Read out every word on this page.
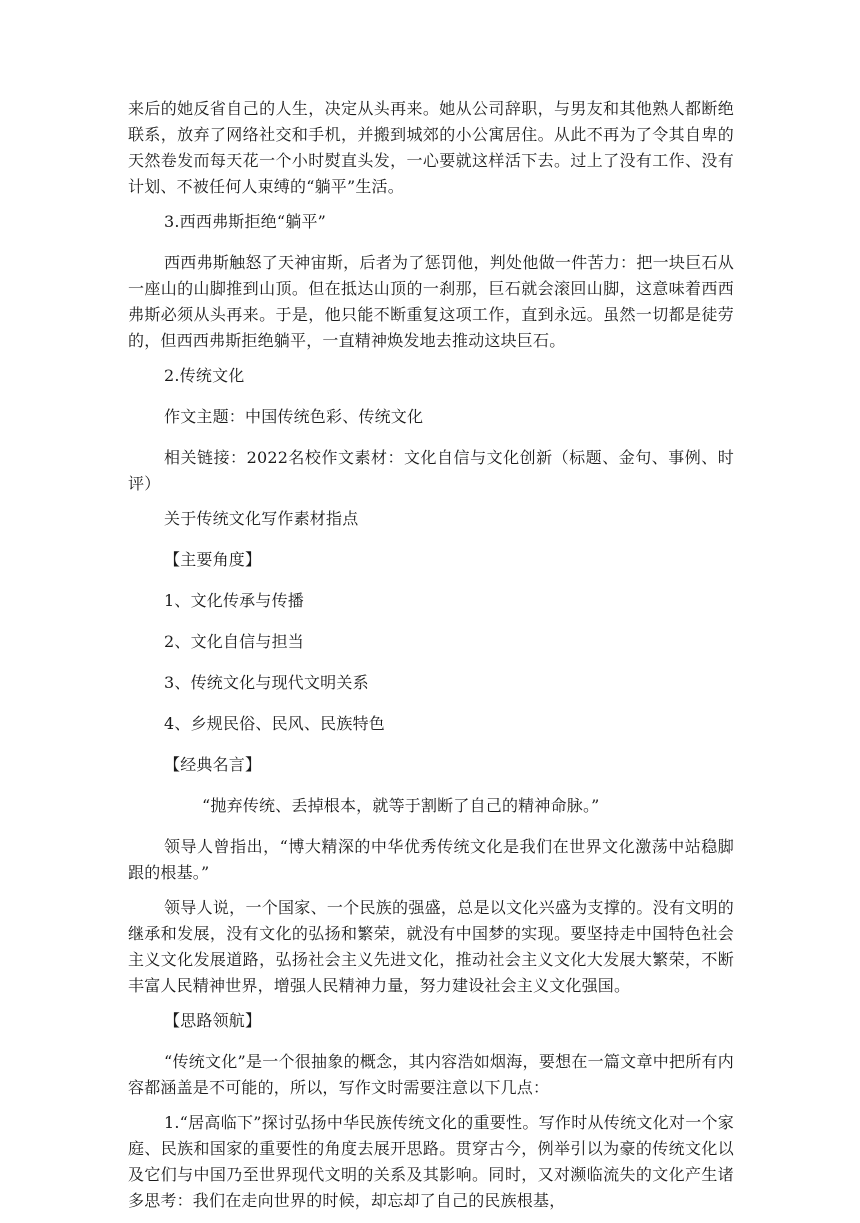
来后的她反省自己的人生，决定从头再来。她从公司辞职，与男友和其他熟人都断绝联系，放弃了网络社交和手机，并搬到城郊的小公寓居住。从此不再为了令其自卑的天然卷发而每天花一个小时熨直头发，一心要就这样活下去。过上了没有工作、没有计划、不被任何人束缚的“躺平”生活。

3.西西弗斯拒绝“躺平”

西西弗斯触怒了天神宙斯，后者为了惩罚他，判处他做一件苦力：把一块巨石从一座山的山脚推到山顶。但在抵达山顶的一刹那，巨石就会滚回山脚，这意味着西西弗斯必须从头再来。于是，他只能不断重复这项工作，直到永远。虽然一切都是徒劳的，但西西弗斯拒绝躺平，一直精神焕发地去推动这块巨石。

2.传统文化

作文主题：中国传统色彩、传统文化

相关链接：2022名校作文素材：文化自信与文化创新（标题、金句、事例、时评）

关于传统文化写作素材指点

【主要角度】

1、文化传承与传播

2、文化自信与担当

3、传统文化与现代文明关系

4、乡规民俗、民风、民族特色

【经典名言】

“抛弃传统、丢掉根本，就等于割断了自己的精神命脉。”

领导人曾指出，“博大精深的中华优秀传统文化是我们在世界文化激荡中站稳脚跟的根基。”

领导人说，一个国家、一个民族的强盛，总是以文化兴盛为支撑的。没有文明的继承和发展，没有文化的弘扬和繁荣，就没有中国梦的实现。要坚持走中国特色社会主义文化发展道路，弘扬社会主义先进文化，推动社会主义文化大发展大繁荣，不断丰富人民精神世界，增强人民精神力量，努力建设社会主义文化强国。

【思路领航】

“传统文化”是一个很抽象的概念，其内容浩如烟海，要想在一篇文章中把所有内容都涵盖是不可能的，所以，写作文时需要注意以下几点：

1.“居高临下”探讨弘扬中华民族传统文化的重要性。写作时从传统文化对一个家庭、民族和国家的重要性的角度去展开思路。贯穿古今，例举引以为豪的传统文化以及它们与中国乃至世界现代文明的关系及其影响。同时，又对濒临流失的文化产生诸多思考：我们在走向世界的时候，却忘却了自己的民族根基，
